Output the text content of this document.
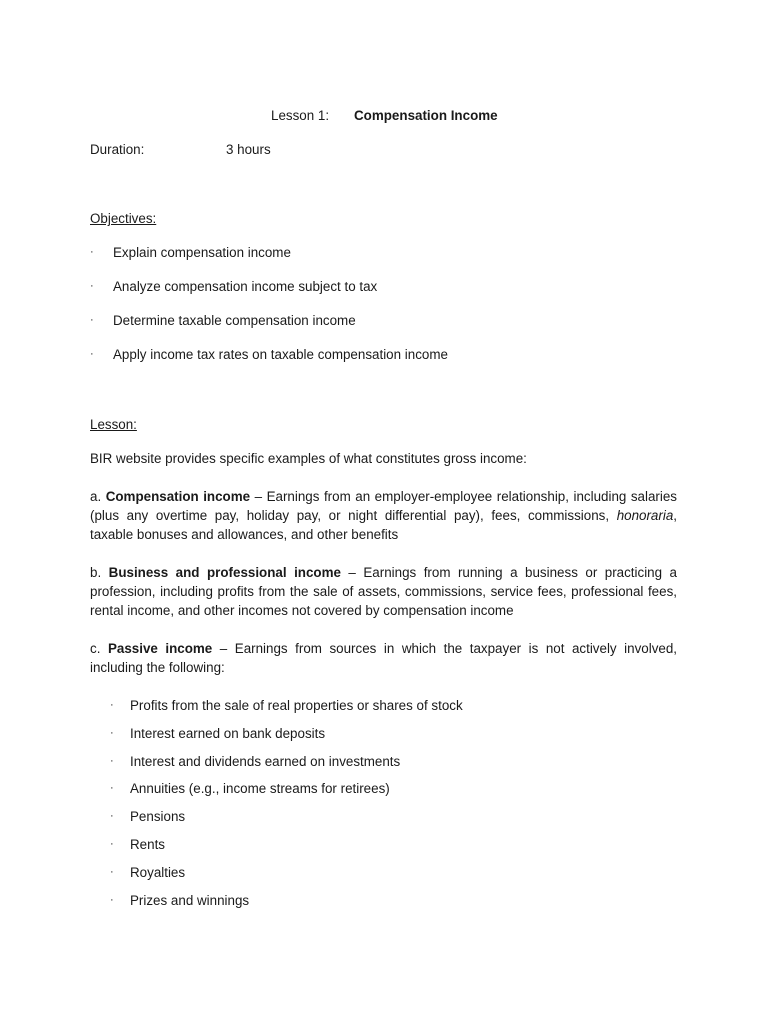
Lesson 1: Compensation Income
Duration:	3 hours
Objectives:
· Explain compensation income
· Analyze compensation income subject to tax
· Determine taxable compensation income
· Apply income tax rates on taxable compensation income
Lesson:
BIR website provides specific examples of what constitutes gross income:
a. Compensation income – Earnings from an employer-employee relationship, including salaries (plus any overtime pay, holiday pay, or night differential pay), fees, commissions, honoraria, taxable bonuses and allowances, and other benefits
b. Business and professional income – Earnings from running a business or practicing a profession, including profits from the sale of assets, commissions, service fees, professional fees, rental income, and other incomes not covered by compensation income
c. Passive income – Earnings from sources in which the taxpayer is not actively involved, including the following:
· Profits from the sale of real properties or shares of stock
· Interest earned on bank deposits
· Interest and dividends earned on investments
· Annuities (e.g., income streams for retirees)
· Pensions
· Rents
· Royalties
· Prizes and winnings
